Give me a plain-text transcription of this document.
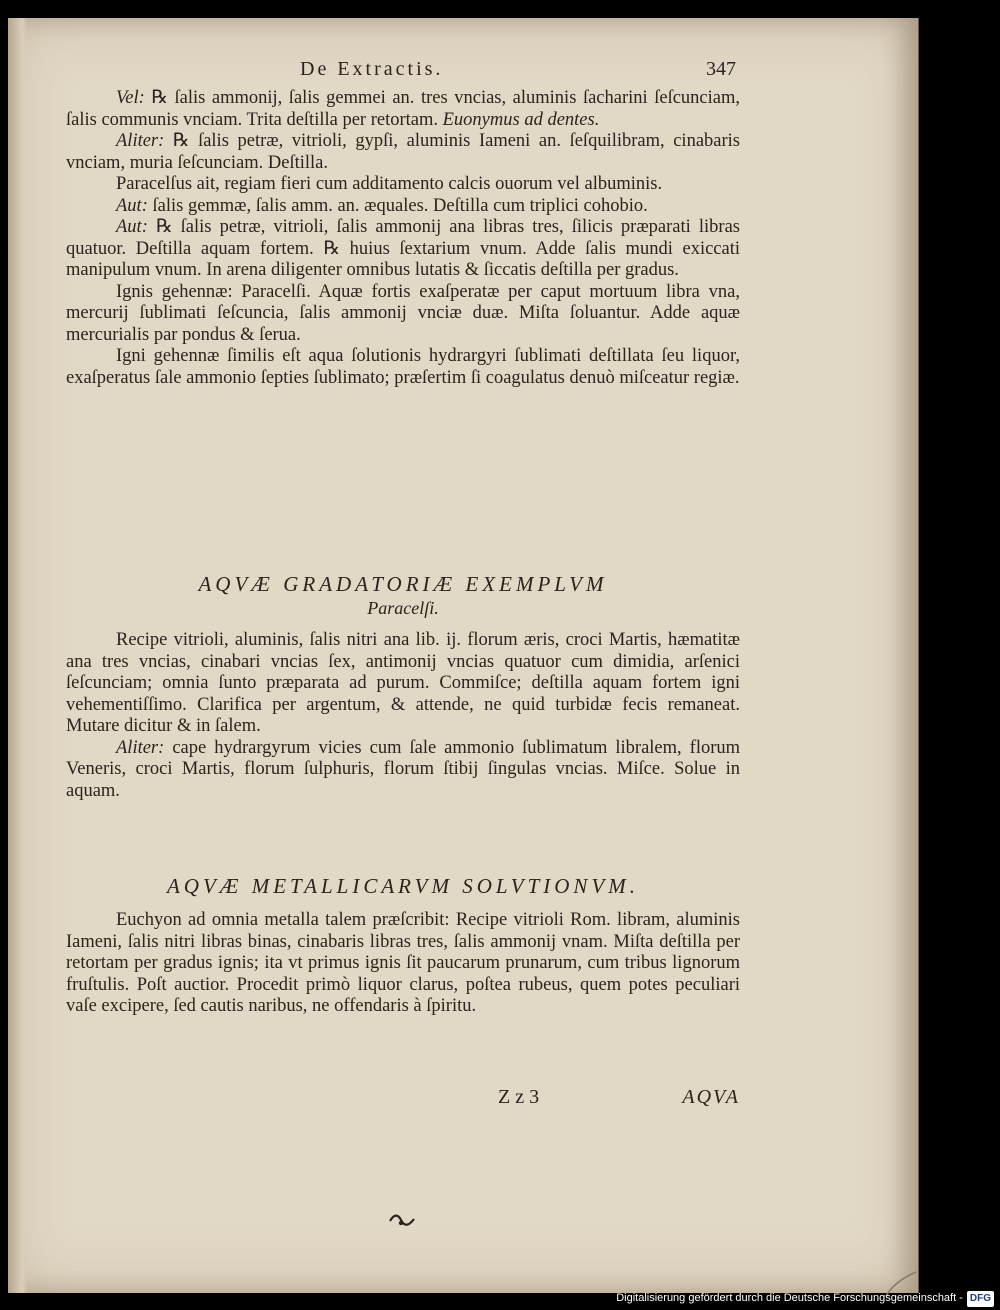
De Extractis.	347

Vel: ℞ ſalis ammonij, ſalis gemmei an. tres vncias, aluminis ſacharini ſeſcunciam, ſalis communis vnciam. Trita deſtilla per retortam. Euonymus ad dentes.

Aliter: ℞ ſalis petræ, vitrioli, gypſi, aluminis Iameni an. ſeſquilibram, cinabaris vnciam, muria ſeſcunciam. Deſtilla.

Paracelſus ait, regiam fieri cum additamento calcis ouorum vel albuminis.

Aut: ſalis gemmæ, ſalis amm. an. æquales. Deſtilla cum triplici cohobio.

Aut: ℞ ſalis petræ, vitrioli, ſalis ammonij ana libras tres, ſilicis præparati libras quatuor. Deſtilla aquam fortem. ℞ huius ſextarium vnum. Adde ſalis mundi exiccati manipulum vnum. In arena diligenter omnibus lutatis & ſiccatis deſtilla per gradus.

Ignis gehennæ: Paracelſi. Aquæ fortis exaſperatæ per caput mortuum libra vna, mercurij ſublimati ſeſcuncia, ſalis ammonij vnciæ duæ. Miſta ſoluantur. Adde aquæ mercurialis par pondus & ſerua.

Igni gehennæ ſimilis eſt aqua ſolutionis hydrargyri ſublimati deſtillata ſeu liquor, exaſperatus ſale ammonio ſepties ſublimato; præſertim ſi coagulatus denuò miſceatur regiæ.

AQVÆ GRADATORIÆ EXEMPLVM
Paracelſi.

Recipe vitrioli, aluminis, ſalis nitri ana lib. ij. florum æris, croci Martis, hæmatitæ ana tres vncias, cinabari vncias ſex, antimonij vncias quatuor cum dimidia, arſenici ſeſcunciam; omnia ſunto præparata ad purum. Commiſce; deſtilla aquam fortem igni vehementiſſimo. Clarifica per argentum, & attende, ne quid turbidæ fecis remaneat. Mutare dicitur & in ſalem.

Aliter: cape hydrargyrum vicies cum ſale ammonio ſublimatum libralem, florum Veneris, croci Martis, florum ſulphuris, florum ſtibij ſingulas vncias. Miſce. Solue in aquam.

AQVÆ METALLICARVM SOLVTIONVM.

Euchyon ad omnia metalla talem præſcribit: Recipe vitrioli Rom. libram, aluminis Iameni, ſalis nitri libras binas, cinabaris libras tres, ſalis ammonij vnam. Miſta deſtilla per retortam per gradus ignis; ita vt primus ignis ſit paucarum prunarum, cum tribus lignorum fruſtulis. Poſt auctior. Procedit primò liquor clarus, poſtea rubeus, quem potes peculiari vaſe excipere, ſed cautis naribus, ne offendaris à ſpiritu.

Z z 3	AQVA
Digitalisierung gefördert durch die Deutsche Forschungsgemeinschaft - DFG
